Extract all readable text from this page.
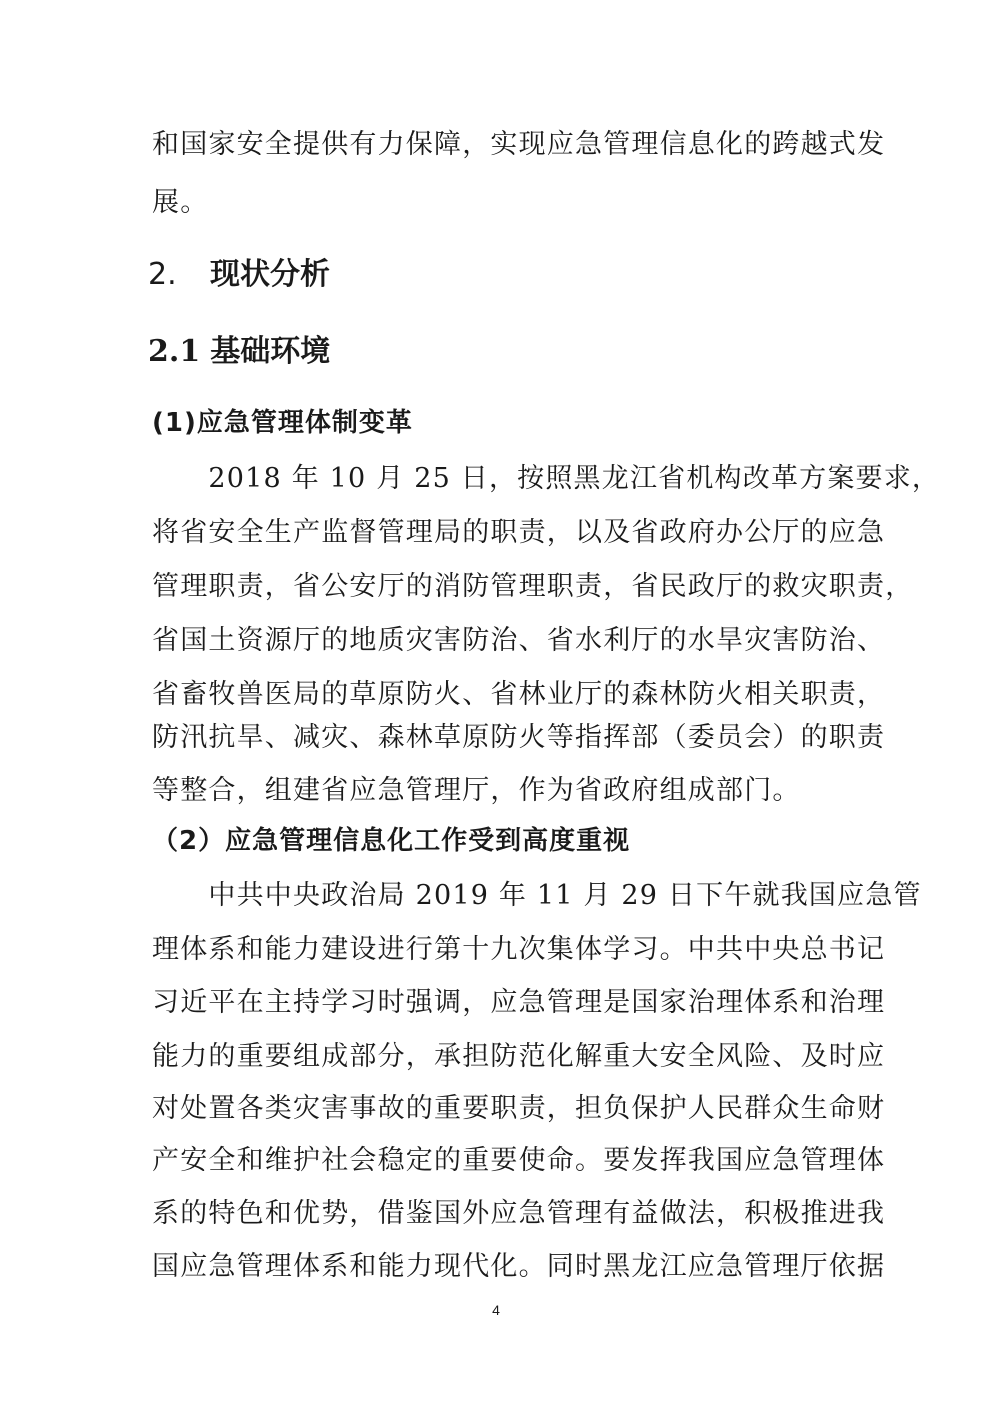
和国家安全提供有力保障，实现应急管理信息化的跨越式发
展。
2. 现状分析
2.1 基础环境
(1)应急管理体制变革
　　2018 年 10 月 25 日，按照黑龙江省机构改革方案要求，
将省安全生产监督管理局的职责，以及省政府办公厅的应急
管理职责，省公安厅的消防管理职责，省民政厅的救灾职责，
省国土资源厅的地质灾害防治、省水利厅的水旱灾害防治、
省畜牧兽医局的草原防火、省林业厅的森林防火相关职责，
防汛抗旱、减灾、森林草原防火等指挥部（委员会）的职责
等整合，组建省应急管理厅，作为省政府组成部门。
（2）应急管理信息化工作受到高度重视
　　中共中央政治局 2019 年 11 月 29 日下午就我国应急管
理体系和能力建设进行第十九次集体学习。中共中央总书记
习近平在主持学习时强调，应急管理是国家治理体系和治理
能力的重要组成部分，承担防范化解重大安全风险、及时应
对处置各类灾害事故的重要职责，担负保护人民群众生命财
产安全和维护社会稳定的重要使命。要发挥我国应急管理体
系的特色和优势，借鉴国外应急管理有益做法，积极推进我
国应急管理体系和能力现代化。同时黑龙江应急管理厅依据
4
